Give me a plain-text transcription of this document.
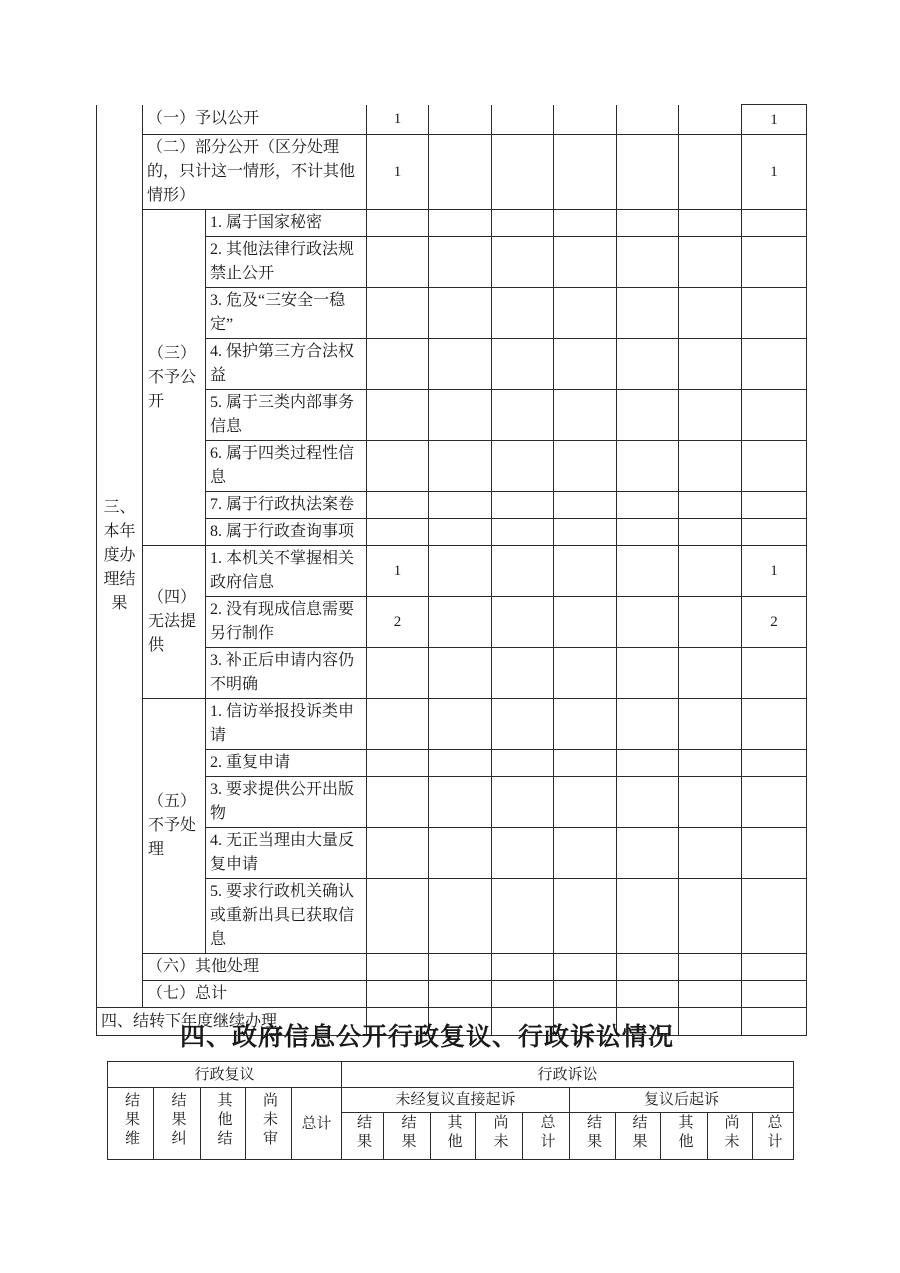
三、本年度办理结果	（一）予以公开		1						1
	（二）部分公开（区分处理的，只计这一情形，不计其他情形）		1						1
	（三）不予公开	1. 属于国家秘密							
		2. 其他法律行政法规禁止公开							
		3. 危及“三安全一稳定”							
		4. 保护第三方合法权益							
		5. 属于三类内部事务信息							
		6. 属于四类过程性信息							
		7. 属于行政执法案卷							
		8. 属于行政查询事项							
	（四）无法提供	1. 本机关不掌握相关政府信息	1						1
		2. 没有现成信息需要另行制作	2						2
		3. 补正后申请内容仍不明确							
	（五）不予处理	1. 信访举报投诉类申请							
		2. 重复申请							
		3. 要求提供公开出版物							
		4. 无正当理由大量反复申请							
		5. 要求行政机关确认或重新出具已获取信息							
	（六）其他处理								
	（七）总计								
四、结转下年度继续办理									
四、政府信息公开行政复议、行政诉讼情况
行政复议					行政诉讼									
结果维	结果纠	其他结	尚未审	总计	未经复议直接起诉					复议后起诉				
					结果	结果	其他	尚未	总计	结果	结果	其他	尚未	总计
